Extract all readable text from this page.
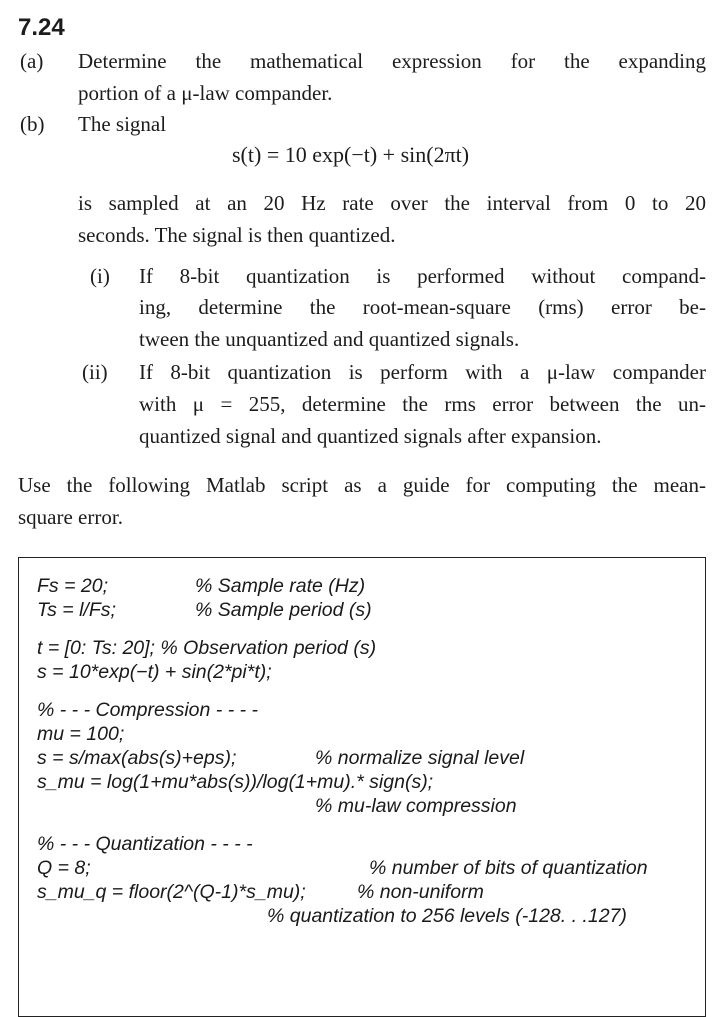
7.24
(a) Determine the mathematical expression for the expanding
portion of a μ-law compander.
(b) The signal
s(t) = 10 exp(−t) + sin(2πt)
is sampled at an 20 Hz rate over the interval from 0 to 20
seconds. The signal is then quantized.
(i) If 8-bit quantization is performed without compand-
ing, determine the root-mean-square (rms) error be-
tween the unquantized and quantized signals.
(ii) If 8-bit quantization is perform with a μ-law compander
with μ = 255, determine the rms error between the un-
quantized signal and quantized signals after expansion.
Use the following Matlab script as a guide for computing the mean-
square error.
Fs = 20;	% Sample rate (Hz)
Ts = l/Fs;	% Sample period (s)
t = [0: Ts: 20]; % Observation period (s)
s = 10*exp(−t) + sin(2*pi*t);
% - - - Compression - - - -
mu = 100;
s = s/max(abs(s)+eps);	% normalize signal level
s_mu = log(1+mu*abs(s))/log(1+mu).* sign(s);
% mu-law compression
% - - - Quantization - - - -
Q = 8;	% number of bits of quantization
s_mu_q = floor(2^(Q-1)*s_mu);	% non-uniform
% quantization to 256 levels (-128. . .127)
